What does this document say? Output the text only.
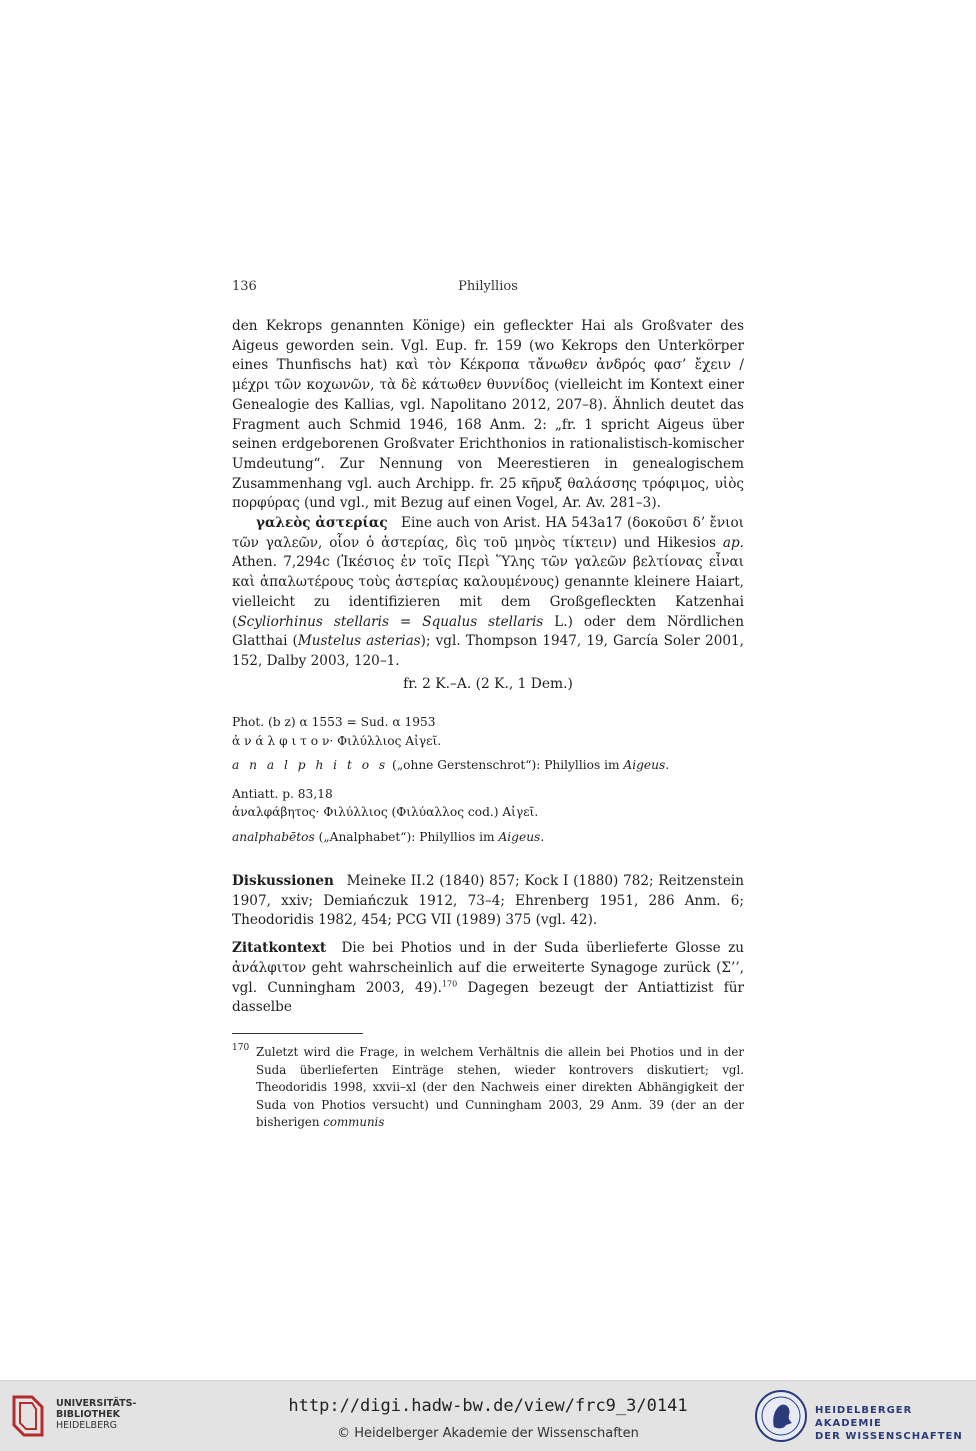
136	Philyllios

den Kekrops genannten Könige) ein gefleckter Hai als Großvater des Aigeus geworden sein. Vgl. Eup. fr. 159 (wo Kekrops den Unterkörper eines Thunfischs hat) καὶ τὸν Κέκροπα τἄνωθεν ἀνδρός φασ’ ἔχειν / μέχρι τῶν κοχωνῶν, τὰ δὲ κάτωθεν θυννίδος (vielleicht im Kontext einer Genealogie des Kallias, vgl. Napolitano 2012, 207–8). Ähnlich deutet das Fragment auch Schmid 1946, 168 Anm. 2: „fr. 1 spricht Aigeus über seinen erdgeborenen Großvater Erichthonios in rationalistisch-komischer Umdeutung“. Zur Nennung von Meerestieren in genealogischem Zusammenhang vgl. auch Archipp. fr. 25 κῆρυξ θαλάσσης τρόφιμος, υἱὸς πορφύρας (und vgl., mit Bezug auf einen Vogel, Ar. Av. 281–3).

γαλεὸς ἀστερίας Eine auch von Arist. HA 543a17 (δοκοῦσι δ’ ἔνιοι τῶν γαλεῶν, οἷον ὁ ἀστερίας, δὶς τοῦ μηνὸς τίκτειν) und Hikesios ap. Athen. 7,294c (Ἱκέσιος ἐν τοῖς Περὶ Ὕλης τῶν γαλεῶν βελτίονας εἶναι καὶ ἁπαλωτέρους τοὺς ἀστερίας καλουμένους) genannte kleinere Haiart, vielleicht zu identifizieren mit dem Großgefleckten Katzenhai (Scyliorhinus stellaris = Squalus stellaris L.) oder dem Nördlichen Glatthai (Mustelus asterias); vgl. Thompson 1947, 19, García Soler 2001, 152, Dalby 2003, 120–1.

fr. 2 K.–A. (2 K., 1 Dem.)

Phot. (b z) α 1553 = Sud. α 1953

ἀ ν ά λ φ ι τ ο ν· Φιλύλλιος Αἰγεῖ.

a n a l p h i t o s („ohne Gerstenschrot“): Philyllios im Aigeus.

Antiatt. p. 83,18

ἀναλφάβητος· Φιλύλλιος (Φιλύαλλος cod.) Αἰγεῖ.

analphabētos („Analphabet“): Philyllios im Aigeus.

Diskussionen Meineke II.2 (1840) 857; Kock I (1880) 782; Reitzenstein 1907, xxiv; Demiańczuk 1912, 73–4; Ehrenberg 1951, 286 Anm. 6; Theodoridis 1982, 454; PCG VII (1989) 375 (vgl. 42).

Zitatkontext Die bei Photios und in der Suda überlieferte Glosse zu ἀνάλφιτον geht wahrscheinlich auf die erweiterte Synagoge zurück (Σ’’, vgl. Cunningham 2003, 49).$^{170}$ Dagegen bezeugt der Antiattizist für dasselbe

170 Zuletzt wird die Frage, in welchem Verhältnis die allein bei Photios und in der Suda überlieferten Einträge stehen, wieder kontrovers diskutiert; vgl. Theodoridis 1998, xxvii–xl (der den Nachweis einer direkten Abhängigkeit der Suda von Photios versucht) und Cunningham 2003, 29 Anm. 39 (der an der bisherigen communis
UNIVERSITÄTS-
BIBLIOTHEK
HEIDELBERG
HEIDELBERGER AKADEMIE
DER WISSENSCHAFTEN
http://digi.hadw-bw.de/view/frc9_3/0141
© Heidelberger Akademie der Wissenschaften
